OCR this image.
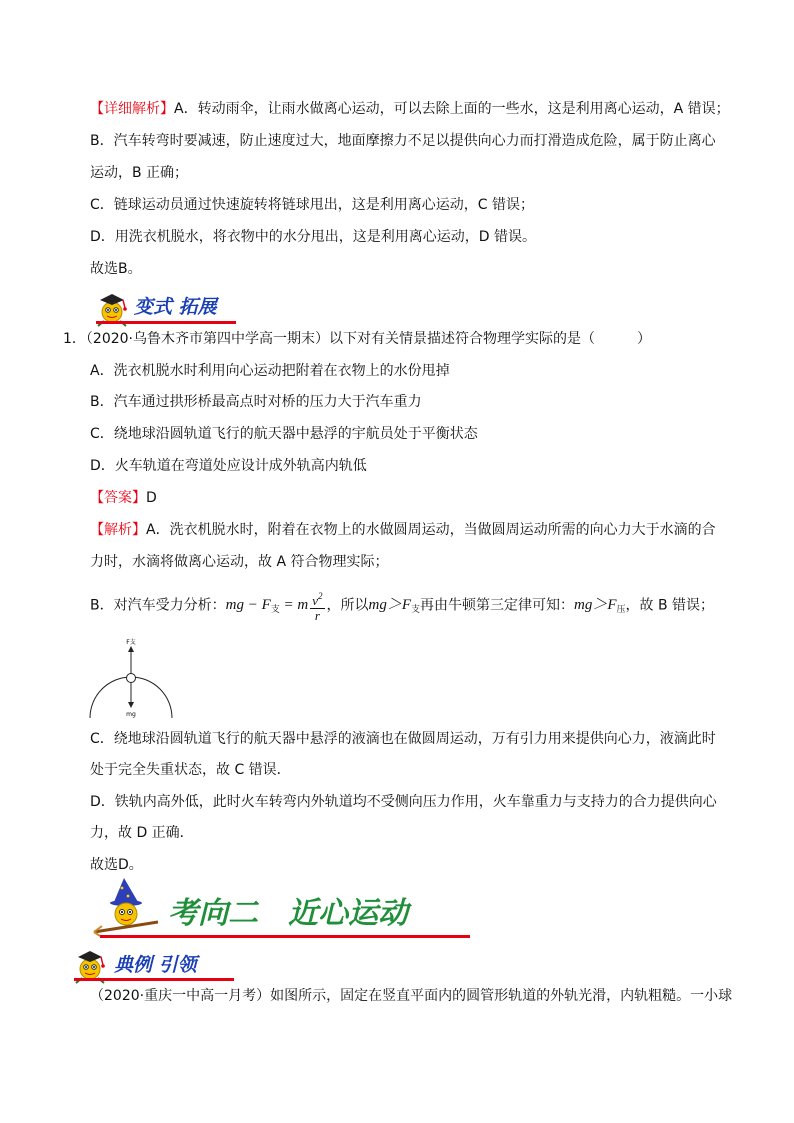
【详细解析】A．转动雨伞，让雨水做离心运动，可以去除上面的一些水，这是利用离心运动，A 错误；
B．汽车转弯时要减速，防止速度过大，地面摩擦力不足以提供向心力而打滑造成危险，属于防止离心
运动，B 正确；
C．链球运动员通过快速旋转将链球甩出，这是利用离心运动，C 错误；
D．用洗衣机脱水，将衣物中的水分甩出，这是利用离心运动，D 错误。
故选B。
变式 拓展
1．（2020·乌鲁木齐市第四中学高一期末）以下对有关情景描述符合物理学实际的是（　　　）
A．洗衣机脱水时利用向心运动把附着在衣物上的水份甩掉
B．汽车通过拱形桥最高点时对桥的压力大于汽车重力
C．绕地球沿圆轨道飞行的航天器中悬浮的宇航员处于平衡状态
D．火车轨道在弯道处应设计成外轨高内轨低
【答案】D
【解析】A．洗衣机脱水时，附着在衣物上的水做圆周运动，当做圆周运动所需的向心力大于水滴的合
力时，水滴将做离心运动，故 A 符合物理实际；
B．对汽车受力分析：mg − $F_支 = m \frac{v^2}{r}$ ，所以$mg>F_支$再由牛顿第三定律可知：$mg>F_压$，故 B 错误；
F支
mg
C．绕地球沿圆轨道飞行的航天器中悬浮的液滴也在做圆周运动，万有引力用来提供向心力，液滴此时
处于完全失重状态，故 C 错误．
D．铁轨内高外低，此时火车转弯内外轨道均不受侧向压力作用，火车靠重力与支持力的合力提供向心
力，故 D 正确．
故选D。
考向二　近心运动
典例 引领
（2020·重庆一中高一月考）如图所示，固定在竖直平面内的圆管形轨道的外轨光滑，内轨粗糙。一小球
